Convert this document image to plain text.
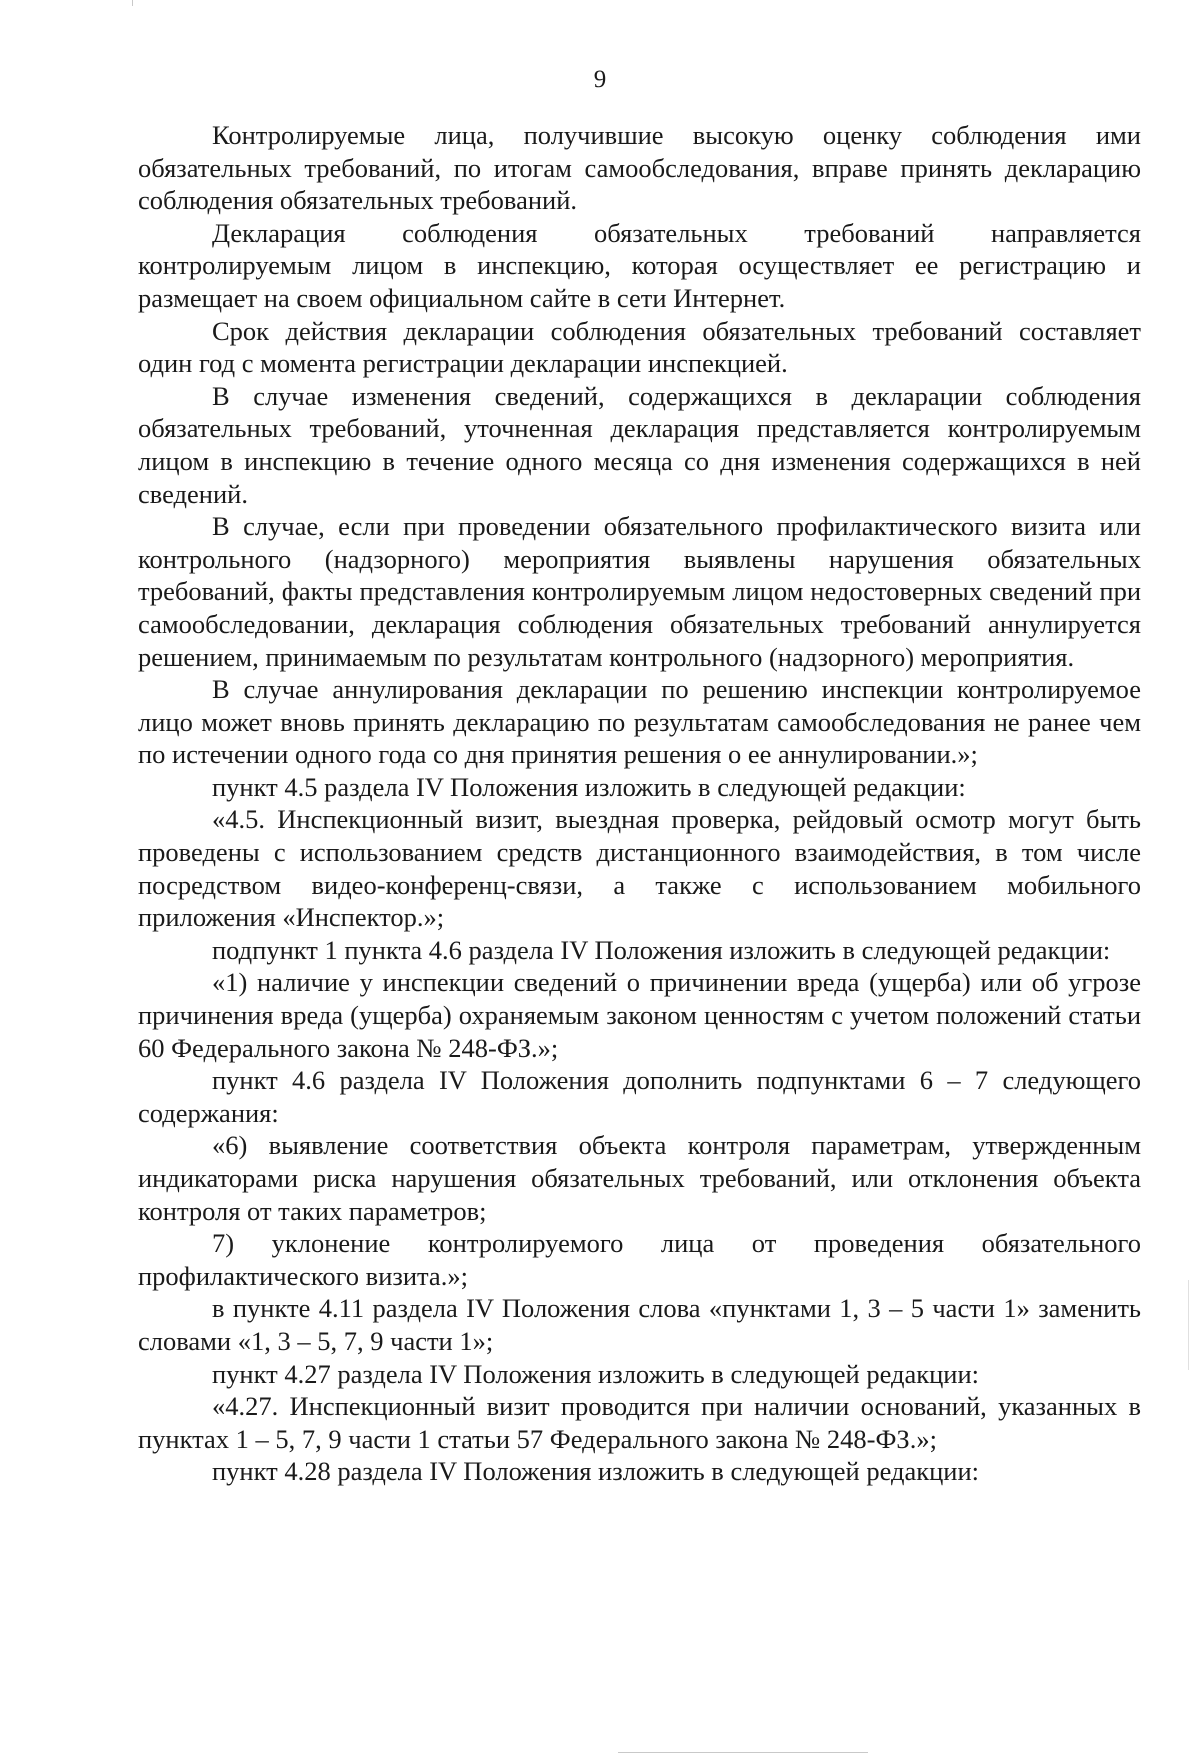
9

Контролируемые лица, получившие высокую оценку соблюдения ими обязательных требований, по итогам самообследования, вправе принять декларацию соблюдения обязательных требований.

Декларация соблюдения обязательных требований направляется контролируемым лицом в инспекцию, которая осуществляет ее регистрацию и размещает на своем официальном сайте в сети Интернет.

Срок действия декларации соблюдения обязательных требований составляет один год с момента регистрации декларации инспекцией.

В случае изменения сведений, содержащихся в декларации соблюдения обязательных требований, уточненная декларация представляется контролируемым лицом в инспекцию в течение одного месяца со дня изменения содержащихся в ней сведений.

В случае, если при проведении обязательного профилактического визита или контрольного (надзорного) мероприятия выявлены нарушения обязательных требований, факты представления контролируемым лицом недостоверных сведений при самообследовании, декларация соблюдения обязательных требований аннулируется решением, принимаемым по результатам контрольного (надзорного) мероприятия.

В случае аннулирования декларации по решению инспекции контролируемое лицо может вновь принять декларацию по результатам самообследования не ранее чем по истечении одного года со дня принятия решения о ее аннулировании.»;

пункт 4.5 раздела IV Положения изложить в следующей редакции:

«4.5. Инспекционный визит, выездная проверка, рейдовый осмотр могут быть проведены с использованием средств дистанционного взаимодействия, в том числе посредством видео-конференц-связи, а также с использованием мобильного приложения «Инспектор.»;

подпункт 1 пункта 4.6 раздела IV Положения изложить в следующей редакции:

«1) наличие у инспекции сведений о причинении вреда (ущерба) или об угрозе причинения вреда (ущерба) охраняемым законом ценностям с учетом положений статьи 60 Федерального закона № 248-ФЗ.»;

пункт 4.6 раздела IV Положения дополнить подпунктами 6 – 7 следующего содержания:

«6) выявление соответствия объекта контроля параметрам, утвержденным индикаторами риска нарушения обязательных требований, или отклонения объекта контроля от таких параметров;

7) уклонение контролируемого лица от проведения обязательного профилактического визита.»;

в пункте 4.11 раздела IV Положения слова «пунктами 1, 3 – 5 части 1» заменить словами «1, 3 – 5, 7, 9 части 1»;

пункт 4.27 раздела IV Положения изложить в следующей редакции:

«4.27. Инспекционный визит проводится при наличии оснований, указанных в пунктах 1 – 5, 7, 9 части 1 статьи 57 Федерального закона № 248-ФЗ.»;

пункт 4.28 раздела IV Положения изложить в следующей редакции:
